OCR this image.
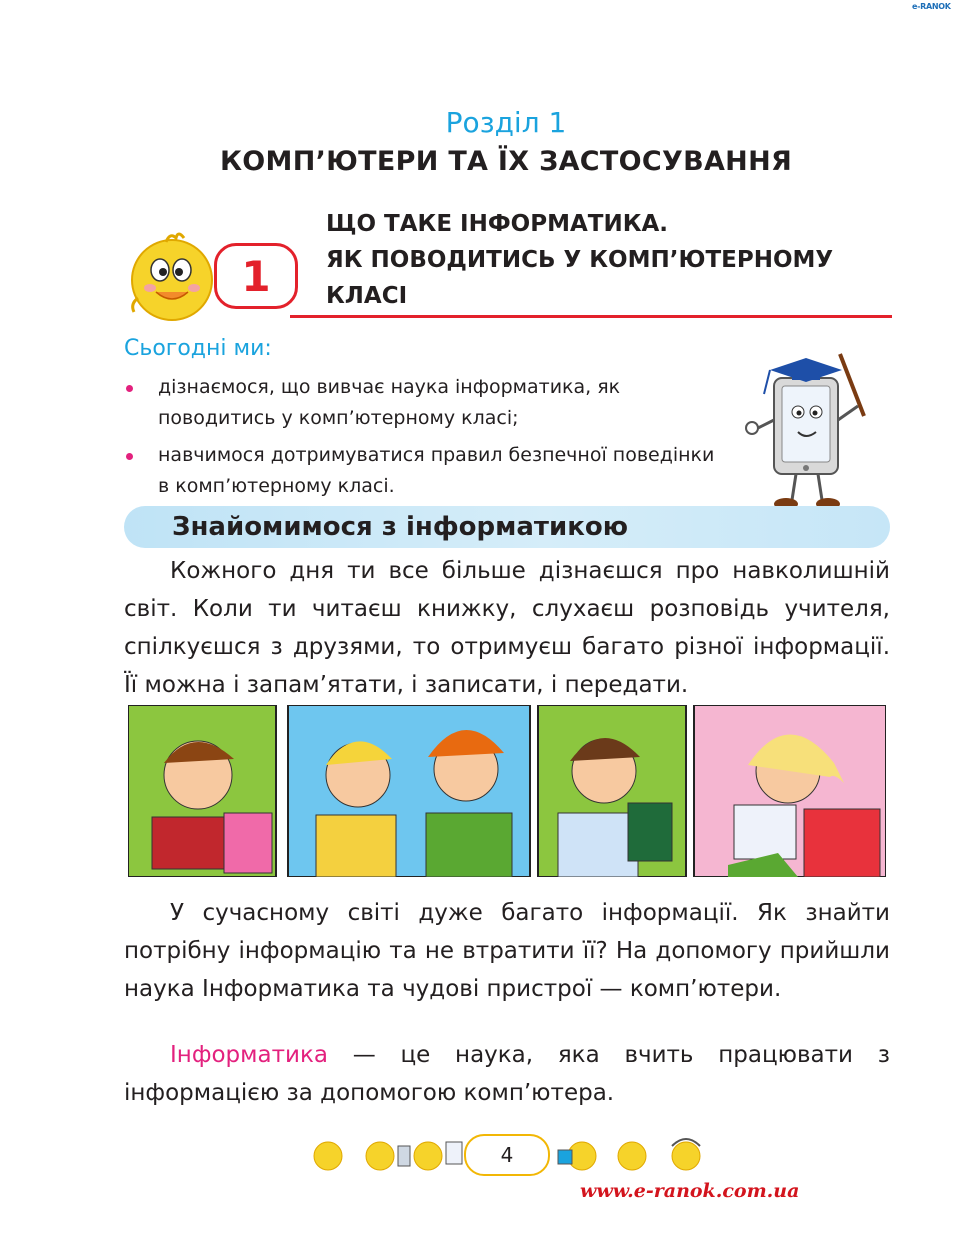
e-RANOK
Розділ 1
КОМП’ЮТЕРИ ТА ЇХ ЗАСТОСУВАННЯ
1
ЩО ТАКЕ ІНФОРМАТИКА.
ЯК ПОВОДИТИСЬ У КОМП’ЮТЕРНОМУ
КЛАСІ
Сьогодні ми:
дізнаємося, що вивчає наука інформатика, як поводитись у комп’ютерному класі;
навчимося дотримуватися правил безпечної поведінки в комп’ютерному класі.
Знайомимося з інформатикою

Кожного дня ти все більше дізнаєшся про навколишній світ. Коли ти читаєш книжку, слухаєш розповідь учителя, спілкуєшся з друзями, то отримуєш багато різної інформації. Її можна і запам’ятати, і записати, і передати.

У сучасному світі дуже багато інформації. Як знайти потрібну інформацію та не втратити її? На допомогу прийшли наука Інформатика та чудові пристрої — комп’ютери.

Інформатика — це наука, яка вчить працювати з інформацією за допомогою комп’ютера.

4
www.e-ranok.com.ua
